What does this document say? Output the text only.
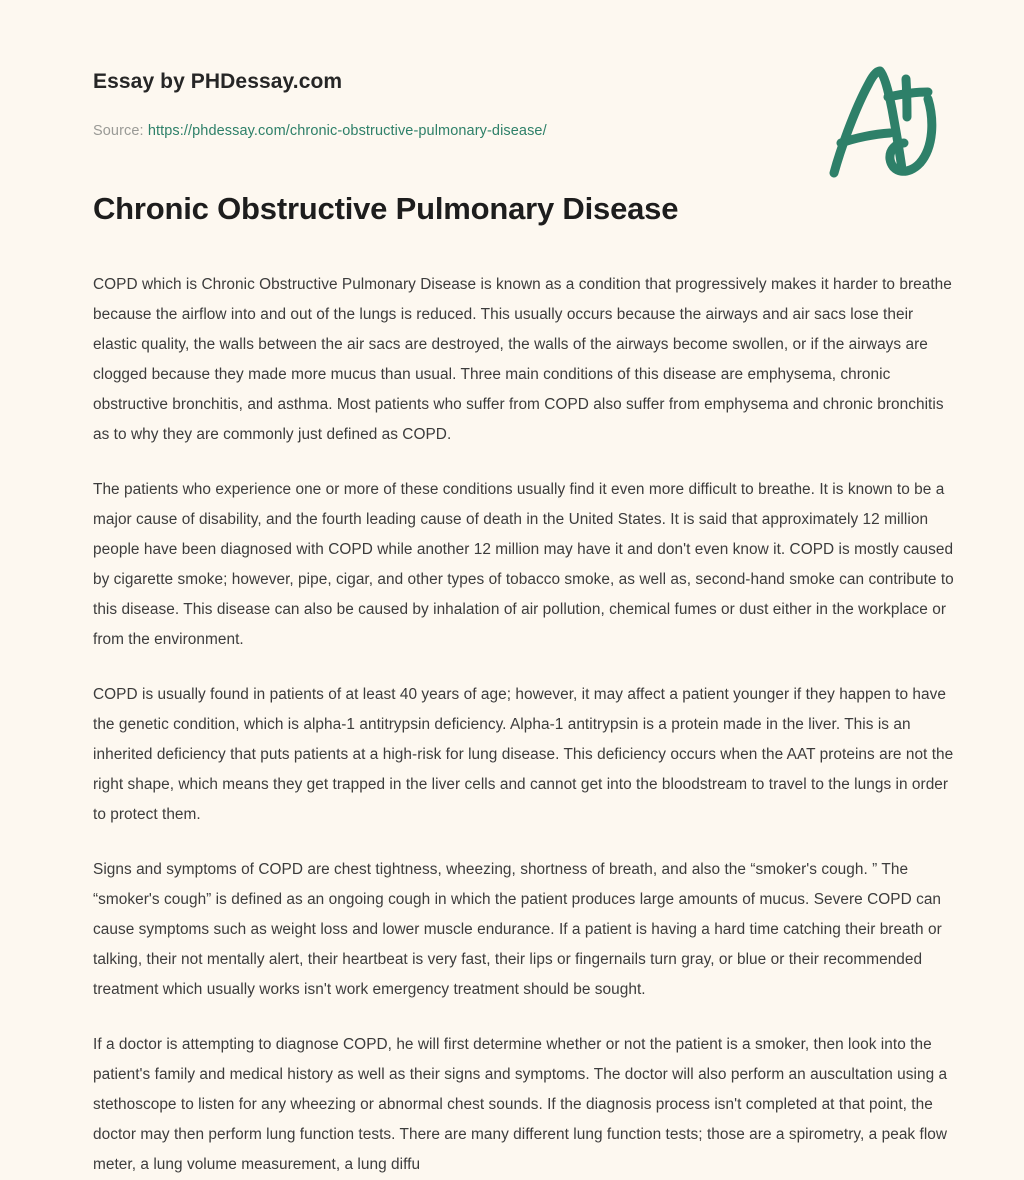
Essay by PHDessay.com
Source: https://phdessay.com/chronic-obstructive-pulmonary-disease/
Chronic Obstructive Pulmonary Disease

COPD which is Chronic Obstructive Pulmonary Disease is known as a condition that progressively makes it harder to breathe because the airflow into and out of the lungs is reduced. This usually occurs because the airways and air sacs lose their elastic quality, the walls between the air sacs are destroyed, the walls of the airways become swollen, or if the airways are clogged because they made more mucus than usual. Three main conditions of this disease are emphysema, chronic obstructive bronchitis, and asthma. Most patients who suffer from COPD also suffer from emphysema and chronic bronchitis as to why they are commonly just defined as COPD.

The patients who experience one or more of these conditions usually find it even more difficult to breathe. It is known to be a major cause of disability, and the fourth leading cause of death in the United States. It is said that approximately 12 million people have been diagnosed with COPD while another 12 million may have it and don't even know it. COPD is mostly caused by cigarette smoke; however, pipe, cigar, and other types of tobacco smoke, as well as, second-hand smoke can contribute to this disease. This disease can also be caused by inhalation of air pollution, chemical fumes or dust either in the workplace or from the environment.

COPD is usually found in patients of at least 40 years of age; however, it may affect a patient younger if they happen to have the genetic condition, which is alpha-1 antitrypsin deficiency. Alpha-1 antitrypsin is a protein made in the liver. This is an inherited deficiency that puts patients at a high-risk for lung disease. This deficiency occurs when the AAT proteins are not the right shape, which means they get trapped in the liver cells and cannot get into the bloodstream to travel to the lungs in order to protect them.

Signs and symptoms of COPD are chest tightness, wheezing, shortness of breath, and also the “smoker's cough. ” The “smoker's cough” is defined as an ongoing cough in which the patient produces large amounts of mucus. Severe COPD can cause symptoms such as weight loss and lower muscle endurance. If a patient is having a hard time catching their breath or talking, their not mentally alert, their heartbeat is very fast, their lips or fingernails turn gray, or blue or their recommended treatment which usually works isn't work emergency treatment should be sought.

If a doctor is attempting to diagnose COPD, he will first determine whether or not the patient is a smoker, then look into the patient's family and medical history as well as their signs and symptoms. The doctor will also perform an auscultation using a stethoscope to listen for any wheezing or abnormal chest sounds. If the diagnosis process isn't completed at that point, the doctor may then perform lung function tests. There are many different lung function tests; those are a spirometry, a peak flow meter, a lung volume measurement, a lung diffu
